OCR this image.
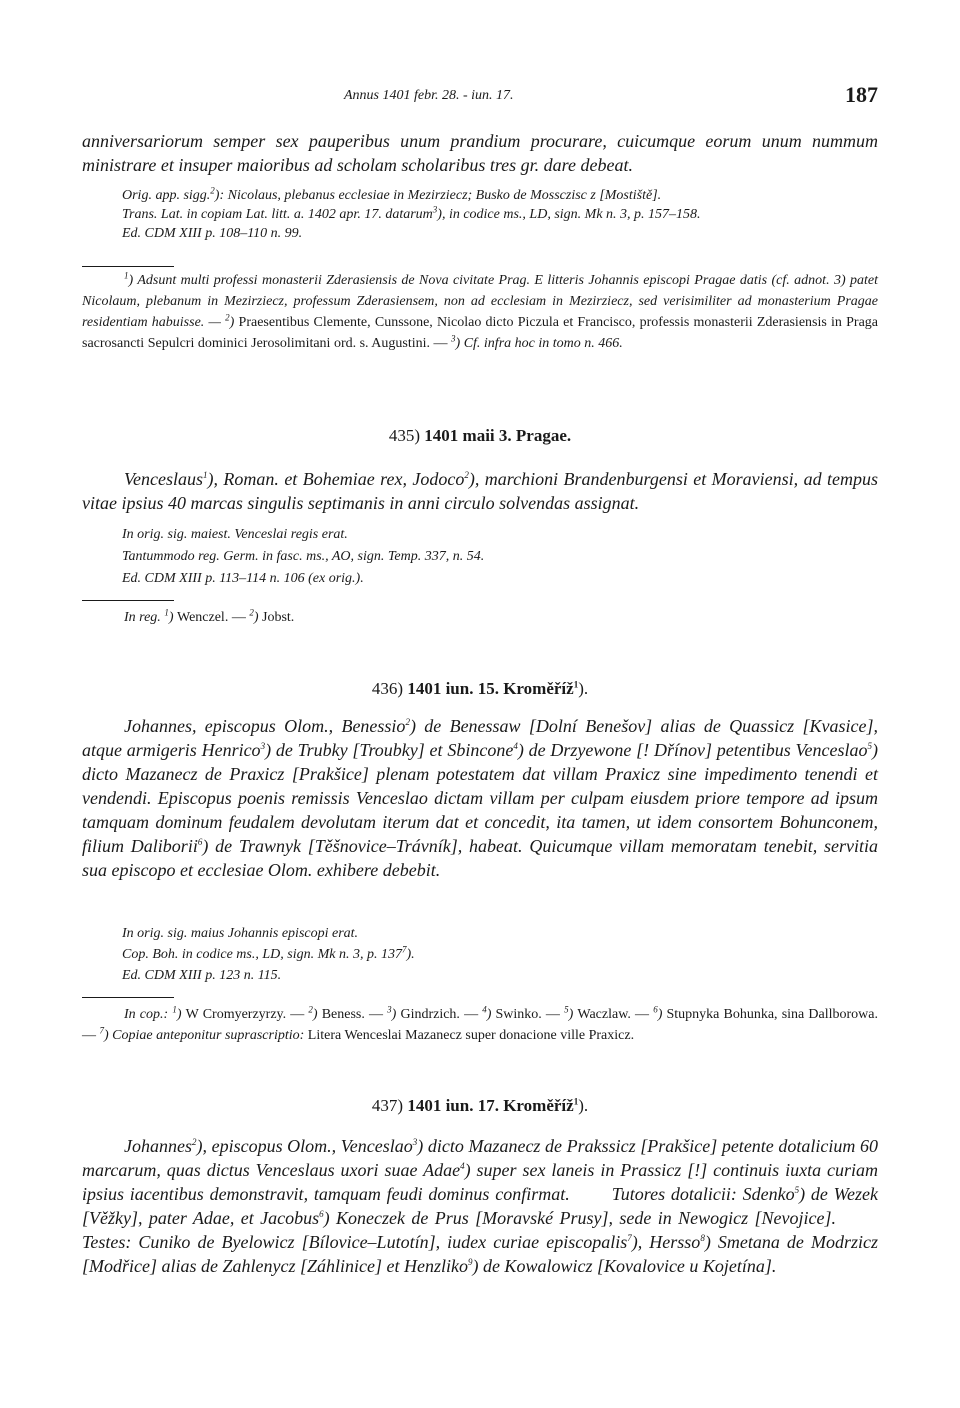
Annus 1401 febr. 28. - iun. 17.	187

anniversariorum semper sex pauperibus unum prandium procurare, cuicumque eorum unum nummum ministrare et insuper maioribus ad scholam scholaribus tres gr. dare debeat.

Orig. app. sigg.$^2$): Nicolaus, plebanus ecclesiae in Mezirziecz; Busko de Mossczisc z [Mostiště].
Trans. Lat. in copiam Lat. litt. a. 1402 apr. 17. datarum$^3$), in codice ms., LD, sign. Mk n. 3, p. 157–158.
Ed. CDM XIII p. 108–110 n. 99.

$^1$) Adsunt multi professi monasterii Zderasiensis de Nova civitate Prag. E litteris Johannis episcopi Pragae datis (cf. adnot. 3) patet Nicolaum, plebanum in Mezirziecz, professum Zderasiensem, non ad ecclesiam in Mezirziecz, sed verisimiliter ad monasterium Pragae residentiam habuisse. — $^2$) Praesentibus Clemente, Cunssone, Nicolao dicto Piczula et Francisco, professis monasterii Zderasiensis in Praga sacrosancti Sepulcri dominici Jerosolimitani ord. s. Augustini. — $^3$) Cf. infra hoc in tomo n. 466.

435) 1401 maii 3. Pragae.

Venceslaus$^1$), Roman. et Bohemiae rex, Jodoco$^2$), marchioni Brandenburgensi et Moraviensi, ad tempus vitae ipsius 40 marcas singulis septimanis in anni circulo solvendas assignat.

In orig. sig. maiest. Venceslai regis erat.
Tantummodo reg. Germ. in fasc. ms., AO, sign. Temp. 337, n. 54.
Ed. CDM XIII p. 113–114 n. 106 (ex orig.).

In reg. $^1$) Wenczel. — $^2$) Jobst.

436) 1401 iun. 15. Kroměříž$^1$).

Johannes, episcopus Olom., Benessio$^2$) de Benessaw [Dolní Benešov] alias de Quassicz [Kvasice], atque armigeris Henrico$^3$) de Trubky [Troubky] et Sbincone$^4$) de Drzyewone [! Dřínov] petentibus Venceslao$^5$) dicto Mazanecz de Praxicz [Prakšice] plenam potestatem dat villam Praxicz sine impedimento tenendi et vendendi. Episcopus poenis remissis Venceslao dictam villam per culpam eiusdem priore tempore ad ipsum tamquam dominum feudalem devolutam iterum dat et concedit, ita tamen, ut idem consortem Bohunconem, filium Daliborii$^6$) de Trawnyk [Těšnovice–Trávník], habeat. Quicumque villam memoratam tenebit, servitia sua episcopo et ecclesiae Olom. exhibere debebit.

In orig. sig. maius Johannis episcopi erat.
Cop. Boh. in codice ms., LD, sign. Mk n. 3, p. $137^7$).
Ed. CDM XIII p. 123 n. 115.

In cop.: $^1$) W Cromyerzyrzy. — $^2$) Beness. — $^3$) Gindrzich. — $^4$) Swinko. — $^5$) Waczlaw. — $^6$) Stupnyka Bohunka, sina Dallborowa. — $^7$) Copiae anteponitur suprascriptio: Litera Wenceslai Mazanecz super donacione ville Praxicz.

437) 1401 iun. 17. Kroměříž$^1$).

Johannes$^2$), episcopus Olom., Venceslao$^3$) dicto Mazanecz de Prakssicz [Prakšice] petente dotalicium 60 marcarum, quas dictus Venceslaus uxori suae Adae$^4$) super sex laneis in Prassicz [!] continuis iuxta curiam ipsius iacentibus demonstravit, tamquam feudi dominus confirmat. Tutores dotalicii: Sdenko$^5$) de Wezek [Věžky], pater Adae, et Jacobus$^6$) Koneczek de Prus [Moravské Prusy], sede in Newogicz [Nevojice].Testes: Cuniko de Byelowicz [Bílovice–Lutotín], iudex curiae episcopalis$^7$), Hersso$^8$) Smetana de Modrzicz [Modřice] alias de Zahlenycz [Záhlinice] et Henzliko$^9$) de Kowalowicz [Kovalovice u Kojetína].
